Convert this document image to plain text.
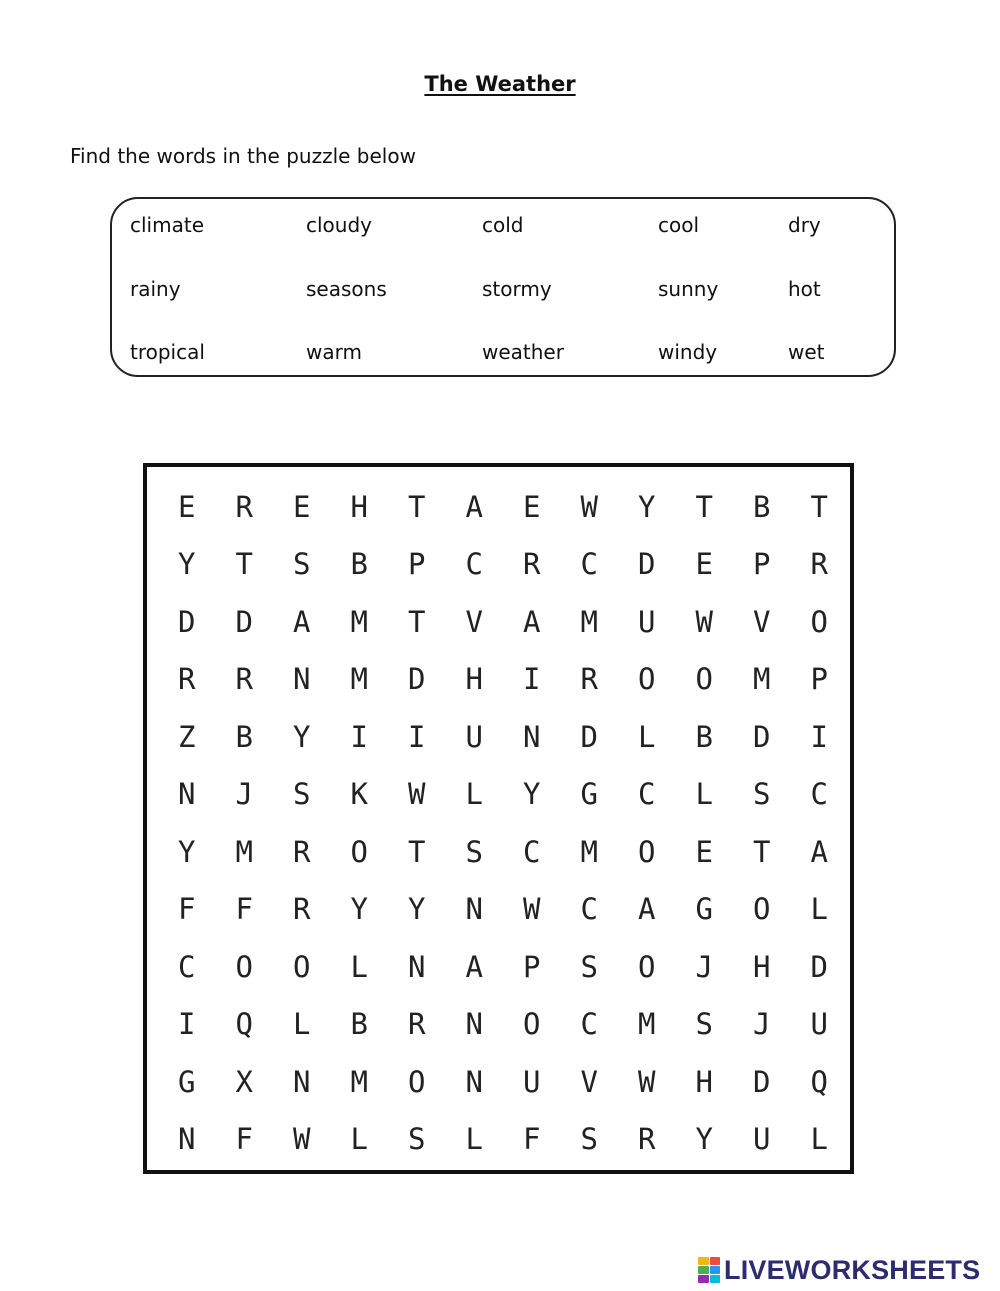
The Weather
Find the words in the puzzle below
climate	cloudy	cold	cool	dry
rainy	seasons	stormy	sunny	hot
tropical	warm	weather	windy	wet
E	R	E	H	T	A	E	W	Y	T	B	T
Y	T	S	B	P	C	R	C	D	E	P	R
D	D	A	M	T	V	A	M	U	W	V	O
R	R	N	M	D	H	I	R	O	O	M	P
Z	B	Y	I	I	U	N	D	L	B	D	I
N	J	S	K	W	L	Y	G	C	L	S	C
Y	M	R	O	T	S	C	M	O	E	T	A
F	F	R	Y	Y	N	W	C	A	G	O	L
C	O	O	L	N	A	P	S	O	J	H	D
I	Q	L	B	R	N	O	C	M	S	J	U
G	X	N	M	O	N	U	V	W	H	D	Q
N	F	W	L	S	L	F	S	R	Y	U	L
LIVEWORKSHEETS
